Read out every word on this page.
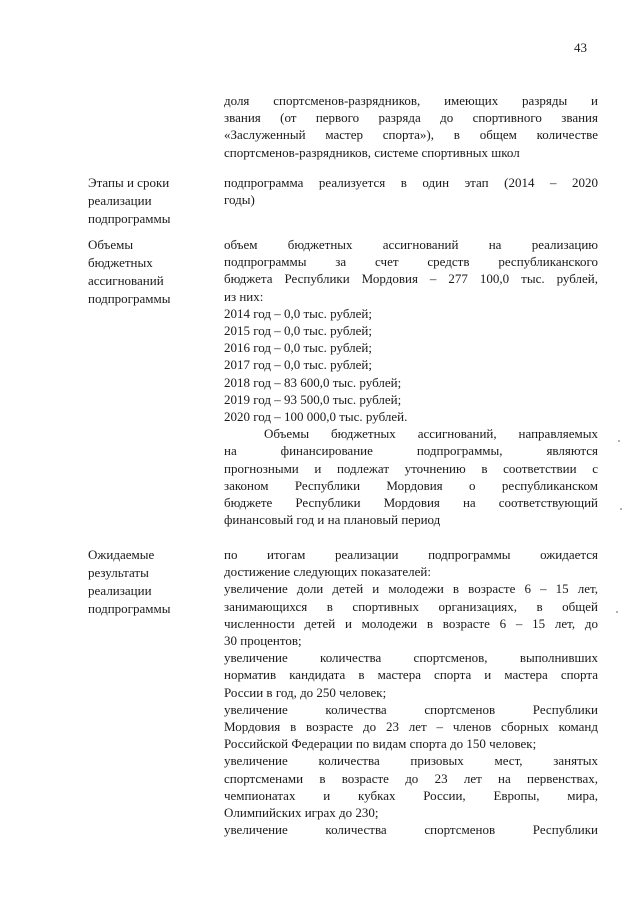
43
доля спортсменов-разрядников, имеющих разряды и
звания (от первого разряда до спортивного звания
«Заслуженный мастер спорта»), в общем количестве
спортсменов-разрядников, системе спортивных школ
Этапы и сроки
реализации
подпрограммы
подпрограмма реализуется в один этап (2014 – 2020
годы)
Объемы
бюджетных
ассигнований
подпрограммы
объем бюджетных ассигнований на реализацию
подпрограммы за счет средств республиканского
бюджета Республики Мордовия – 277 100,0 тыс. рублей,
из них:
2014 год – 0,0 тыс. рублей;
2015 год – 0,0 тыс. рублей;
2016 год – 0,0 тыс. рублей;
2017 год – 0,0 тыс. рублей;
2018 год – 83 600,0 тыс. рублей;
2019 год – 93 500,0 тыс. рублей;
2020 год – 100 000,0 тыс. рублей.
Объемы бюджетных ассигнований, направляемых
на финансирование подпрограммы, являются
прогнозными и подлежат уточнению в соответствии с
законом Республики Мордовия о республиканском
бюджете Республики Мордовия на соответствующий
финансовый год и на плановый период
Ожидаемые
результаты
реализации
подпрограммы
по итогам реализации подпрограммы ожидается
достижение следующих показателей:
увеличение доли детей и молодежи в возрасте 6 – 15 лет,
занимающихся в спортивных организациях, в общей
численности детей и молодежи в возрасте 6 – 15 лет, до
30 процентов;
увеличение количества спортсменов, выполнивших
норматив кандидата в мастера спорта и мастера спорта
России в год, до 250 человек;
увеличение количества спортсменов Республики
Мордовия в возрасте до 23 лет – членов сборных команд
Российской Федерации по видам спорта до 150 человек;
увеличение количества призовых мест, занятых
спортсменами в возрасте до 23 лет на первенствах,
чемпионатах и кубках России, Европы, мира,
Олимпийских играх до 230;
увеличение количества спортсменов Республики
